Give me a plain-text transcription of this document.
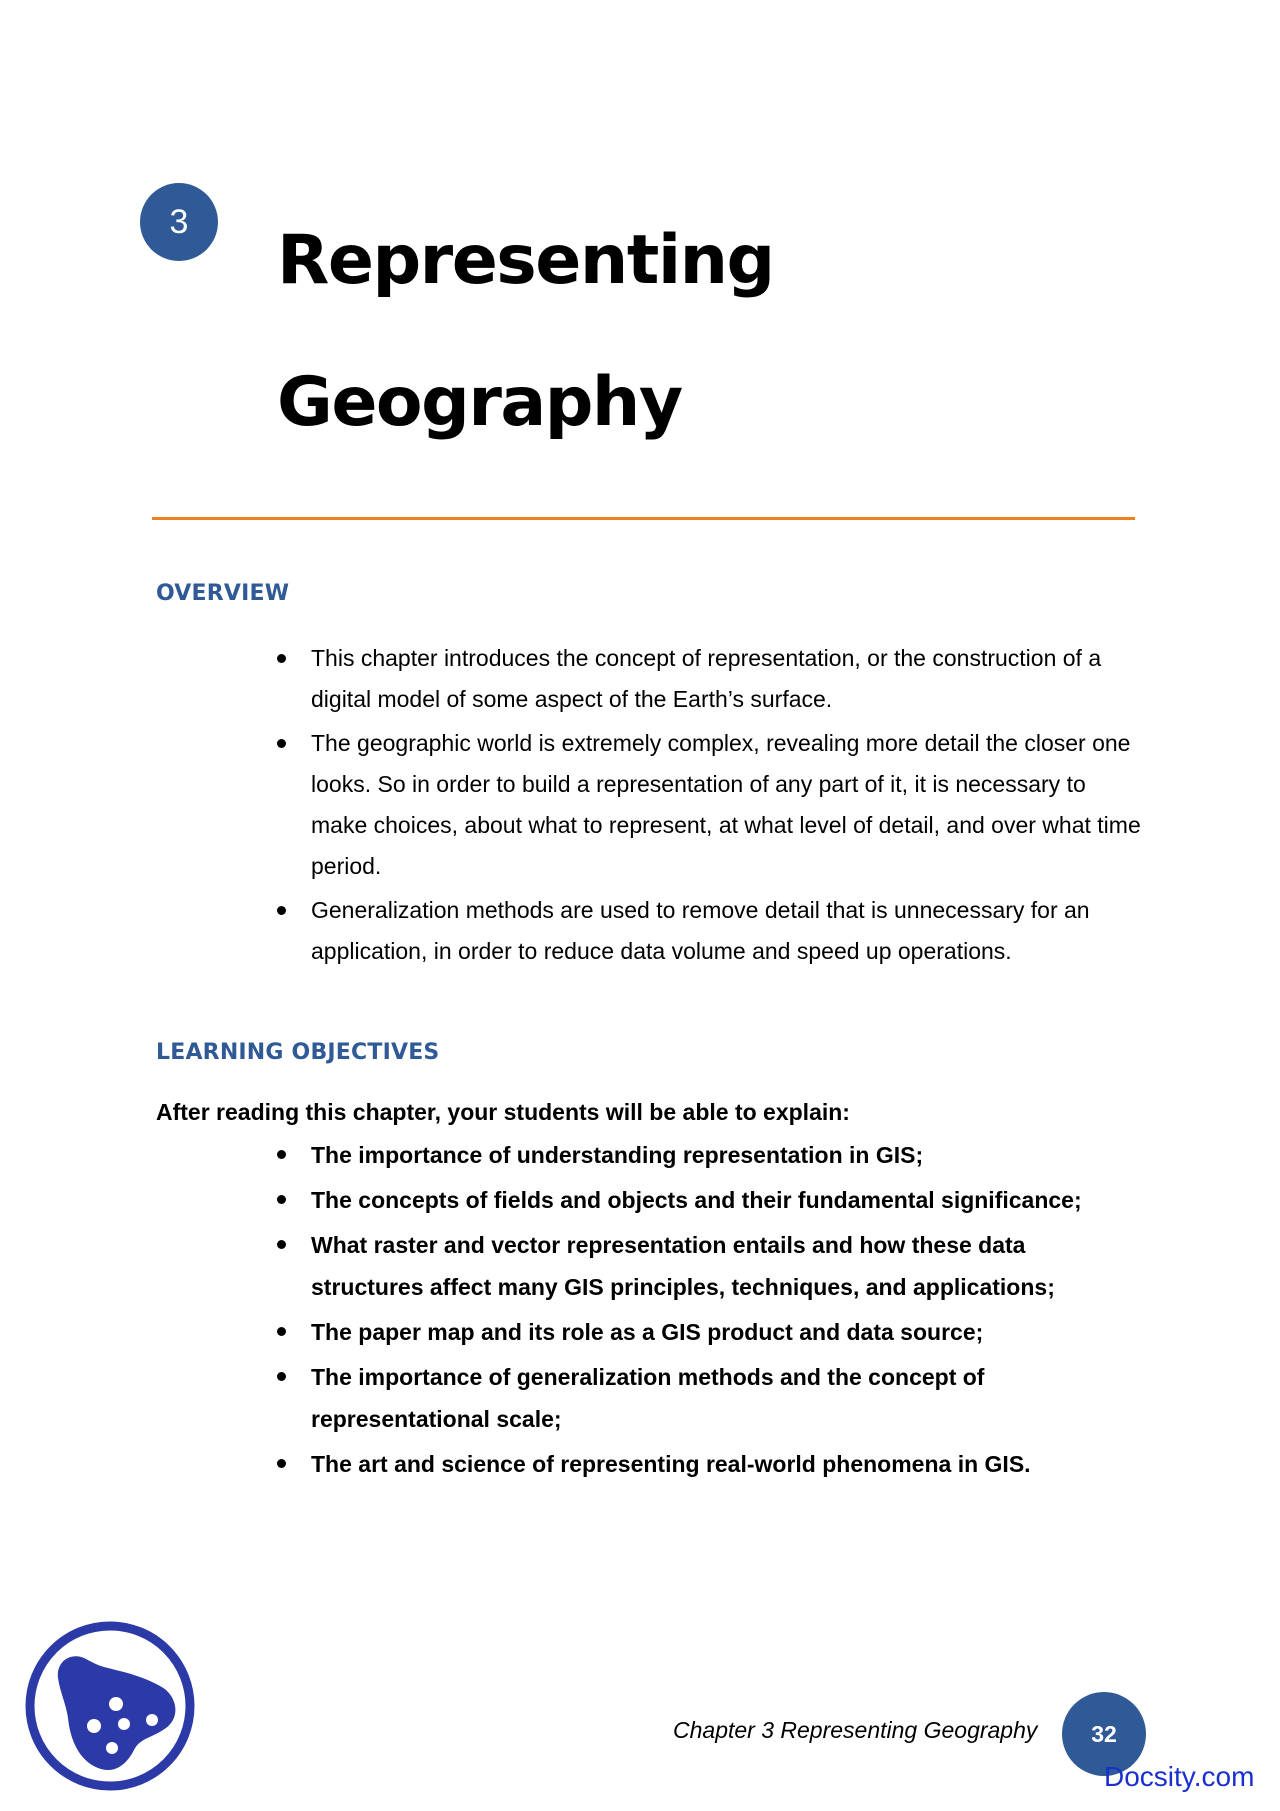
3	Representing
Geography
OVERVIEW
This chapter introduces the concept of representation, or the construction of a digital model of some aspect of the Earth’s surface.
The geographic world is extremely complex, revealing more detail the closer one looks. So in order to build a representation of any part of it, it is necessary to make choices, about what to represent, at what level of detail, and over what time period.
Generalization methods are used to remove detail that is unnecessary for an application, in order to reduce data volume and speed up operations.
LEARNING OBJECTIVES

After reading this chapter, your students will be able to explain:

The importance of understanding representation in GIS;
The concepts of fields and objects and their fundamental significance;
What raster and vector representation entails and how these data structures affect many GIS principles, techniques, and applications;
The paper map and its role as a GIS product and data source;
The importance of generalization methods and the concept of representational scale;
The art and science of representing real-world phenomena in GIS.
Chapter 3 Representing Geography	32
Docsity.com
